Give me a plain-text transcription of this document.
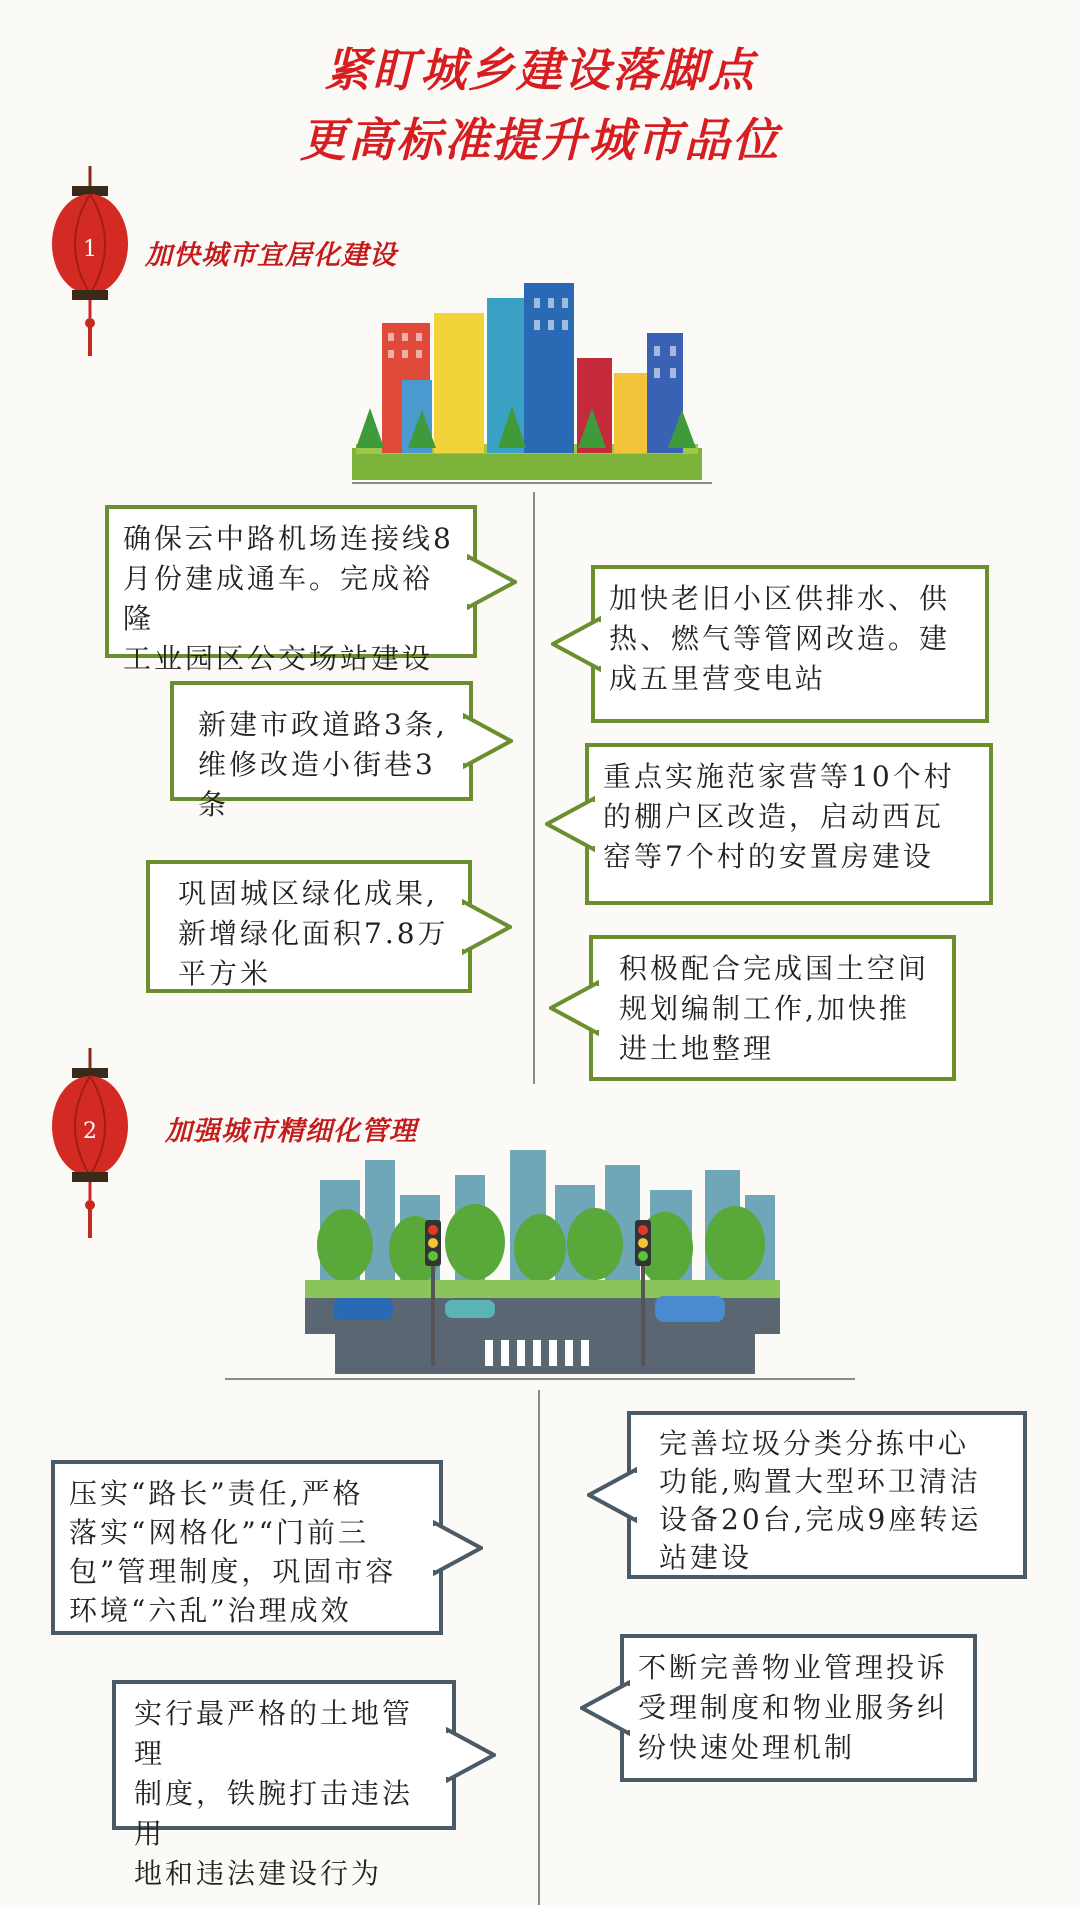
紧盯城乡建设落脚点
更高标准提升城市品位
1 加快城市宜居化建设
确保云中路机场连接线8
月份建成通车。完成裕隆
工业园区公交场站建设
新建市政道路3条,
维修改造小街巷3条
巩固城区绿化成果,
新增绿化面积7.8万
平方米
加快老旧小区供排水、供
热、燃气等管网改造。建
成五里营变电站
重点实施范家营等10个村
的棚户区改造，启动西瓦
窑等7个村的安置房建设
积极配合完成国土空间
规划编制工作,加快推
进土地整理
2	加强城市精细化管理
压实“路长”责任,严格
落实“网格化”“门前三
包”管理制度，巩固市容
环境“六乱”治理成效
实行最严格的土地管理
制度，铁腕打击违法用
地和违法建设行为
完善垃圾分类分拣中心
功能,购置大型环卫清洁
设备20台,完成9座转运
站建设
不断完善物业管理投诉
受理制度和物业服务纠
纷快速处理机制
